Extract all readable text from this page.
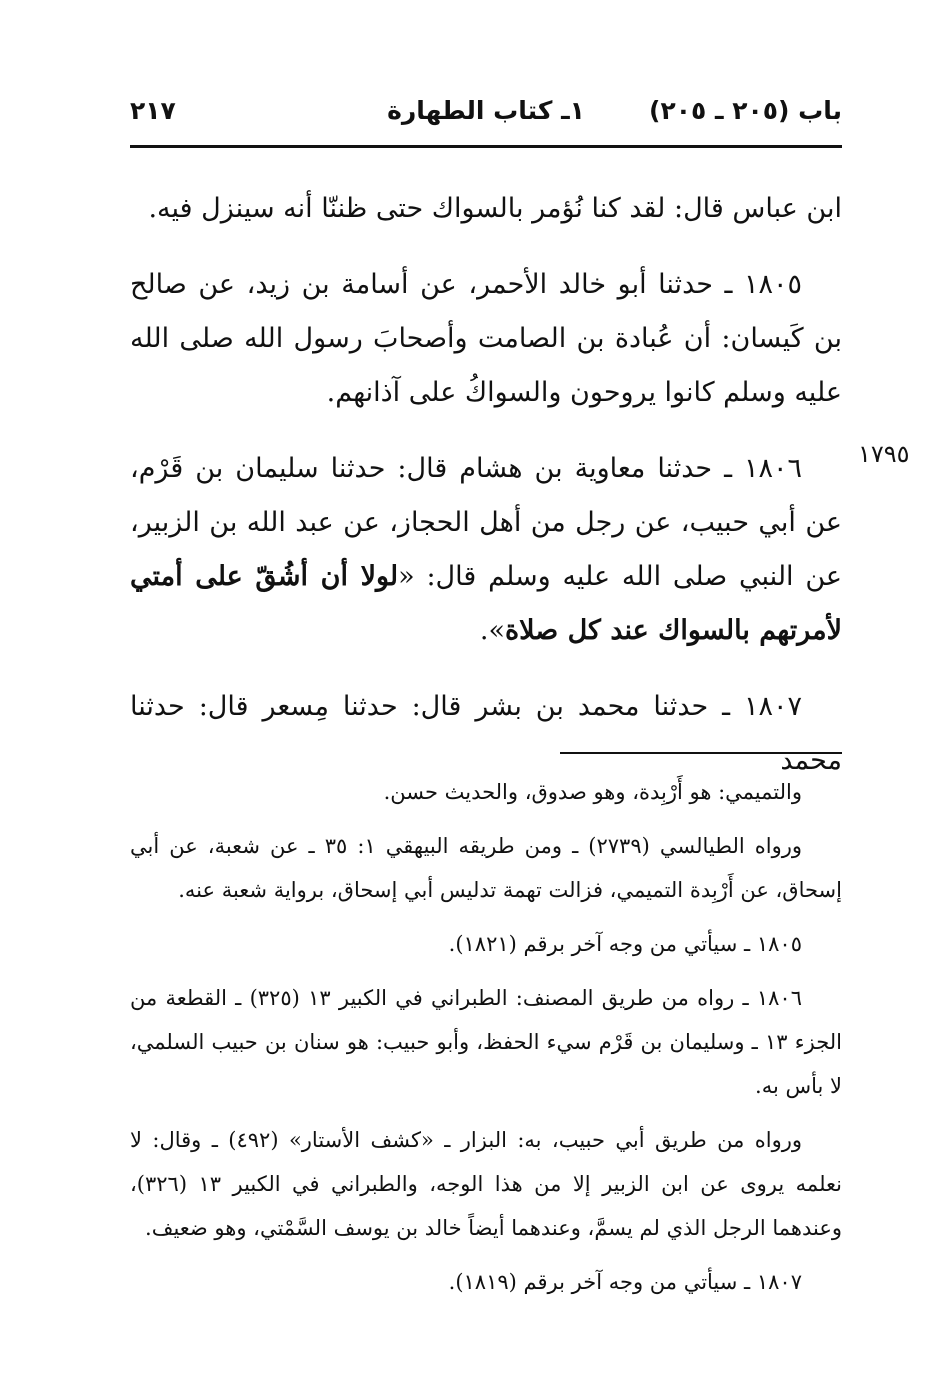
باب (٢٠٥ ـ ٢٠٥)
١ـ كتاب الطهارة
٢١٧
١٧٩٥

ابن عباس قال: لقد كنا نُؤمر بالسواك حتى ظننّا أنه سينزل فيه.

١٨٠٥ ـ حدثنا أبو خالد الأحمر، عن أسامة بن زيد، عن صالح بن كَيسان: أن عُبادة بن الصامت وأصحابَ رسول الله صلى الله عليه وسلم كانوا يروحون والسواكُ على آذانهم.

١٨٠٦ ـ حدثنا معاوية بن هشام قال: حدثنا سليمان بن قَرْم، عن أبي حبيب، عن رجل من أهل الحجاز، عن عبد الله بن الزبير، عن النبي صلى الله عليه وسلم قال: «لولا أن أشُقّ على أمتي لأمرتهم بالسواك عند كل صلاة».

١٨٠٧ ـ حدثنا محمد بن بشر قال: حدثنا مِسعر قال: حدثنا محمد

والتميمي: هو أَرْبِدة، وهو صدوق، والحديث حسن.

ورواه الطيالسي (٢٧٣٩) ـ ومن طريقه البيهقي ١: ٣٥ ـ عن شعبة، عن أبي إسحاق، عن أَرْبِدة التميمي، فزالت تهمة تدليس أبي إسحاق، برواية شعبة عنه.

١٨٠٥ ـ سيأتي من وجه آخر برقم (١٨٢١).

١٨٠٦ ـ رواه من طريق المصنف: الطبراني في الكبير ١٣ (٣٢٥) ـ القطعة من الجزء ١٣ ـ وسليمان بن قَرْم سيء الحفظ، وأبو حبيب: هو سنان بن حبيب السلمي، لا بأس به.

ورواه من طريق أبي حبيب، به: البزار ـ «كشف الأستار» (٤٩٢) ـ وقال: لا نعلمه يروى عن ابن الزبير إلا من هذا الوجه، والطبراني في الكبير ١٣ (٣٢٦)، وعندهما الرجل الذي لم يسمَّ، وعندهما أيضاً خالد بن يوسف السَّمْتي، وهو ضعيف.

١٨٠٧ ـ سيأتي من وجه آخر برقم (١٨١٩).
